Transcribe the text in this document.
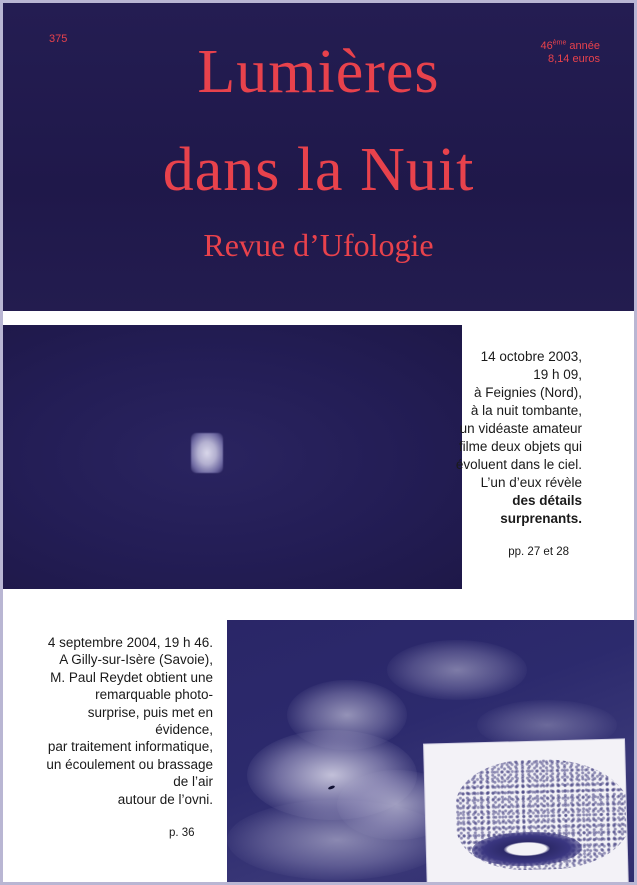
375
46ème année
8,14 euros
Lumières
dans la Nuit
Revue d’Ufologie
14 octobre 2003,
19 h 09,
à Feignies (Nord),
à la nuit tombante,
un vidéaste amateur
filme deux objets qui
évoluent dans le ciel.
L’un d’eux révèle
des détails
surprenants.
pp. 27 et 28
4 septembre 2004, 19 h 46.
A Gilly-sur-Isère (Savoie),
M. Paul Reydet obtient une
remarquable photo-
surprise, puis met en
évidence,
par traitement informatique,
un écoulement ou brassage
de l’air
autour de l’ovni.
p. 36
